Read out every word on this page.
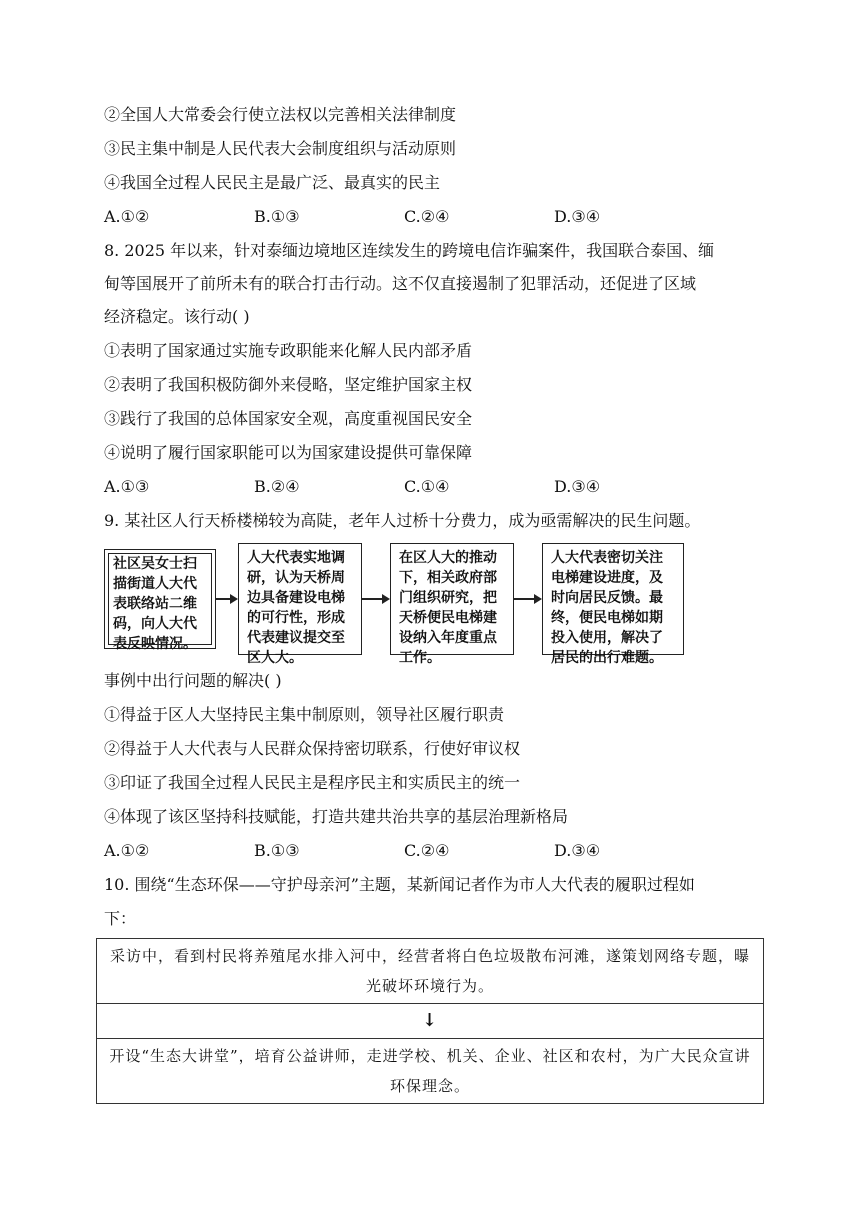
②全国人大常委会行使立法权以完善相关法律制度
③民主集中制是人民代表大会制度组织与活动原则
④我国全过程人民民主是最广泛、最真实的民主
A.①②	B.①③	C.②④	D.③④
8. 2025 年以来，针对泰缅边境地区连续发生的跨境电信诈骗案件，我国联合泰国、缅
甸等国展开了前所未有的联合打击行动。这不仅直接遏制了犯罪活动，还促进了区域
经济稳定。该行动( )
①表明了国家通过实施专政职能来化解人民内部矛盾
②表明了我国积极防御外来侵略，坚定维护国家主权
③践行了我国的总体国家安全观，高度重视国民安全
④说明了履行国家职能可以为国家建设提供可靠保障
A.①③	B.②④	C.①④	D.③④
9. 某社区人行天桥楼梯较为高陡，老年人过桥十分费力，成为亟需解决的民生问题。
社区吴女士扫
描街道人大代
表联络站二维
码，向人大代
表反映情况。
人大代表实地调
研，认为天桥周
边具备建设电梯
的可行性，形成
代表建议提交至
区人大。
在区人大的推动
下，相关政府部
门组织研究，把
天桥便民电梯建
设纳入年度重点
工作。
人大代表密切关注
电梯建设进度，及
时向居民反馈。最
终，便民电梯如期
投入使用，解决了
居民的出行难题。
事例中出行问题的解决( )
①得益于区人大坚持民主集中制原则，领导社区履行职责
②得益于人大代表与人民群众保持密切联系，行使好审议权
③印证了我国全过程人民民主是程序民主和实质民主的统一
④体现了该区坚持科技赋能，打造共建共治共享的基层治理新格局
A.①②	B.①③	C.②④	D.③④
10. 围绕“生态环保——守护母亲河”主题，某新闻记者作为市人大代表的履职过程如
下：
采访中，看到村民将养殖尾水排入河中，经营者将白色垃圾散布河滩，遂策划网络专题，曝光破坏环境行为。
↓
开设“生态大讲堂”，培育公益讲师，走进学校、机关、企业、社区和农村，为广大民众宣讲环保理念。
